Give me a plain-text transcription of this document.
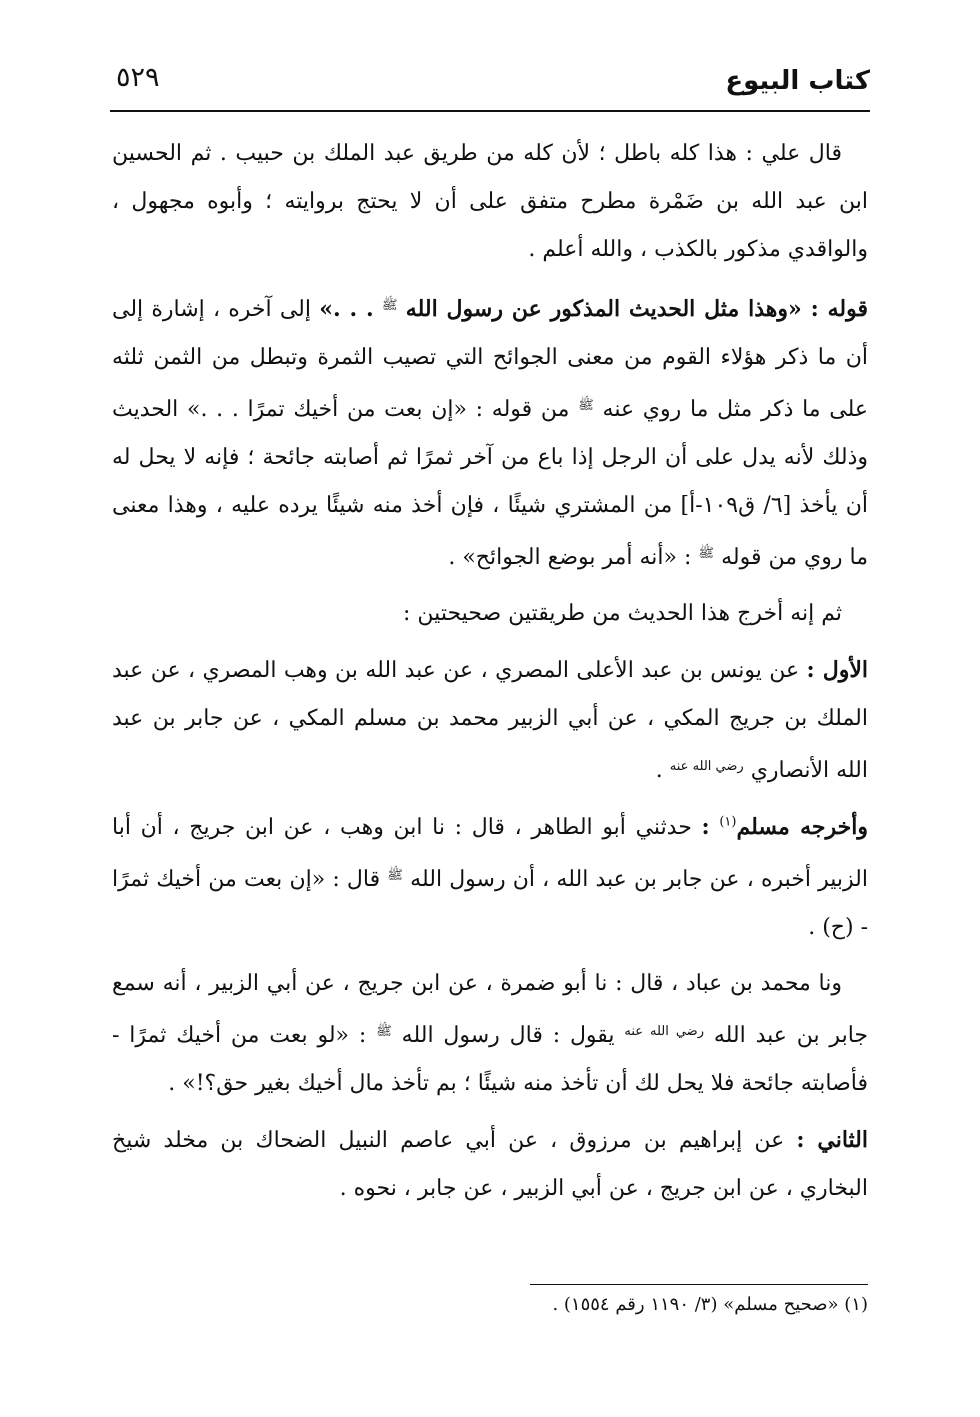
كتاب البيوع
٥٢٩

قال علي : هذا كله باطل ؛ لأن كله من طريق عبد الملك بن حبيب . ثم الحسين ابن عبد الله بن ضَمْرة مطرح متفق على أن لا يحتج بروايته ؛ وأبوه مجهول ، والواقدي مذكور بالكذب ، والله أعلم .

قوله : «وهذا مثل الحديث المذكور عن رسول الله $^ﷺ$ . . .» إلى آخره ، إشارة إلى أن ما ذكر هؤلاء القوم من معنى الجوائح التي تصيب الثمرة وتبطل من الثمن ثلثه على ما ذكر مثل ما روي عنه $^ﷺ$ من قوله : «إن بعت من أخيك تمرًا . . .» الحديث وذلك لأنه يدل على أن الرجل إذا باع من آخر ثمرًا ثم أصابته جائحة ؛ فإنه لا يحل له أن يأخذ [٦/ ق١٠٩-أ] من المشتري شيئًا ، فإن أخذ منه شيئًا يرده عليه ، وهذا معنى ما روي من قوله $^ﷺ$ : «أنه أمر بوضع الجوائح» .

ثم إنه أخرج هذا الحديث من طريقتين صحيحتين :

الأول : عن يونس بن عبد الأعلى المصري ، عن عبد الله بن وهب المصري ، عن عبد الملك بن جريج المكي ، عن أبي الزبير محمد بن مسلم المكي ، عن جابر بن عبد الله الأنصاري $^{رضي الله عنه}$ .

وأخرجه مسلم$^{(١)}$ : حدثني أبو الطاهر ، قال : نا ابن وهب ، عن ابن جريج ، أن أبا الزبير أخبره ، عن جابر بن عبد الله ، أن رسول الله $^ﷺ$ قال : «إن بعت من أخيك ثمرًا - (ح) .

ونا محمد بن عباد ، قال : نا أبو ضمرة ، عن ابن جريج ، عن أبي الزبير ، أنه سمع جابر بن عبد الله $^{رضي الله عنه}$ يقول : قال رسول الله $^ﷺ$ : «لو بعت من أخيك ثمرًا - فأصابته جائحة فلا يحل لك أن تأخذ منه شيئًا ؛ بم تأخذ مال أخيك بغير حق؟!» .

الثاني : عن إبراهيم بن مرزوق ، عن أبي عاصم النبيل الضحاك بن مخلد شيخ البخاري ، عن ابن جريج ، عن أبي الزبير ، عن جابر ، نحوه .

(١) «صحيح مسلم» (٣/ ١١٩٠ رقم ١٥٥٤) .
